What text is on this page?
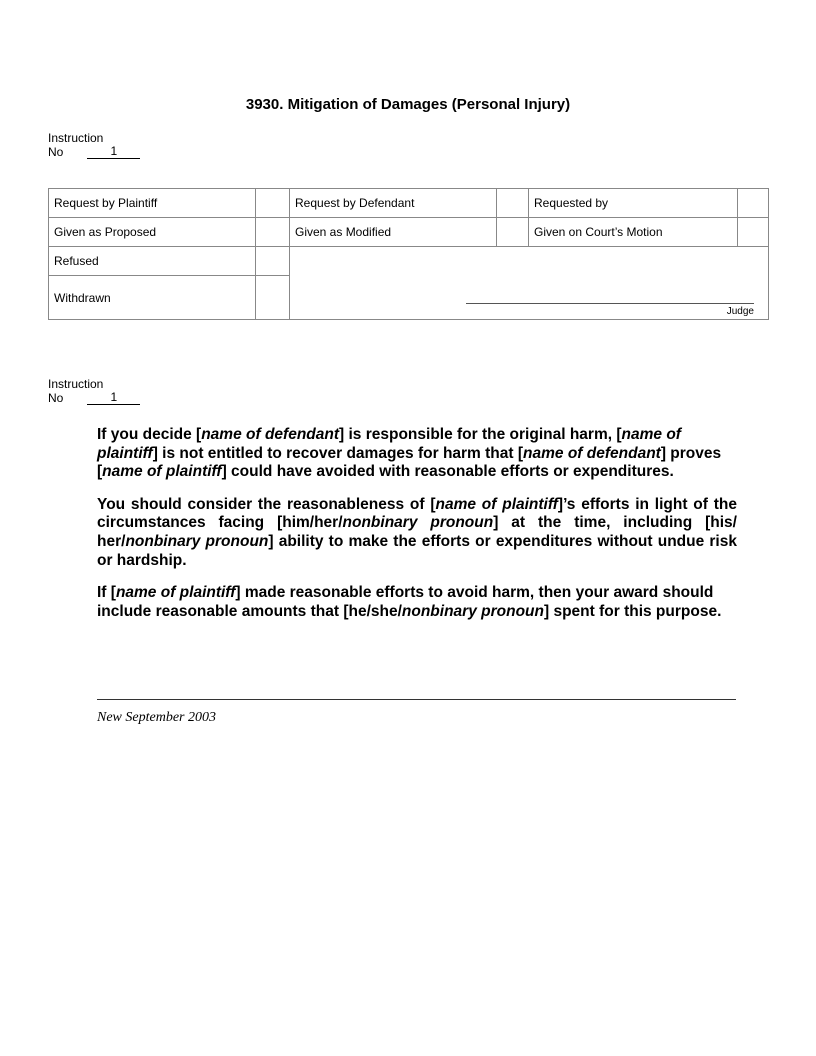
3930. Mitigation of Damages (Personal Injury)
Instruction
No	1
Request by Plaintiff		Request by Defendant		Requested by	
Given as Proposed		Given as Modified		Given on Court’s Motion	
Refused		Judge			

Withdrawn					
Instruction
No	1

If you decide [name of defendant] is responsible for the original harm, [name of plaintiff] is not entitled to recover damages for harm that [name of defendant] proves [name of plaintiff] could have avoided with reasonable efforts or expenditures.

You should consider the reasonableness of [name of plaintiff]’s efforts in light of the circumstances facing [him/her/nonbinary pronoun] at the time, including [his/ her/nonbinary pronoun] ability to make the efforts or expenditures without undue risk or hardship.

If [name of plaintiff] made reasonable efforts to avoid harm, then your award should include reasonable amounts that [he/she/nonbinary pronoun] spent for this purpose.

New September 2003
